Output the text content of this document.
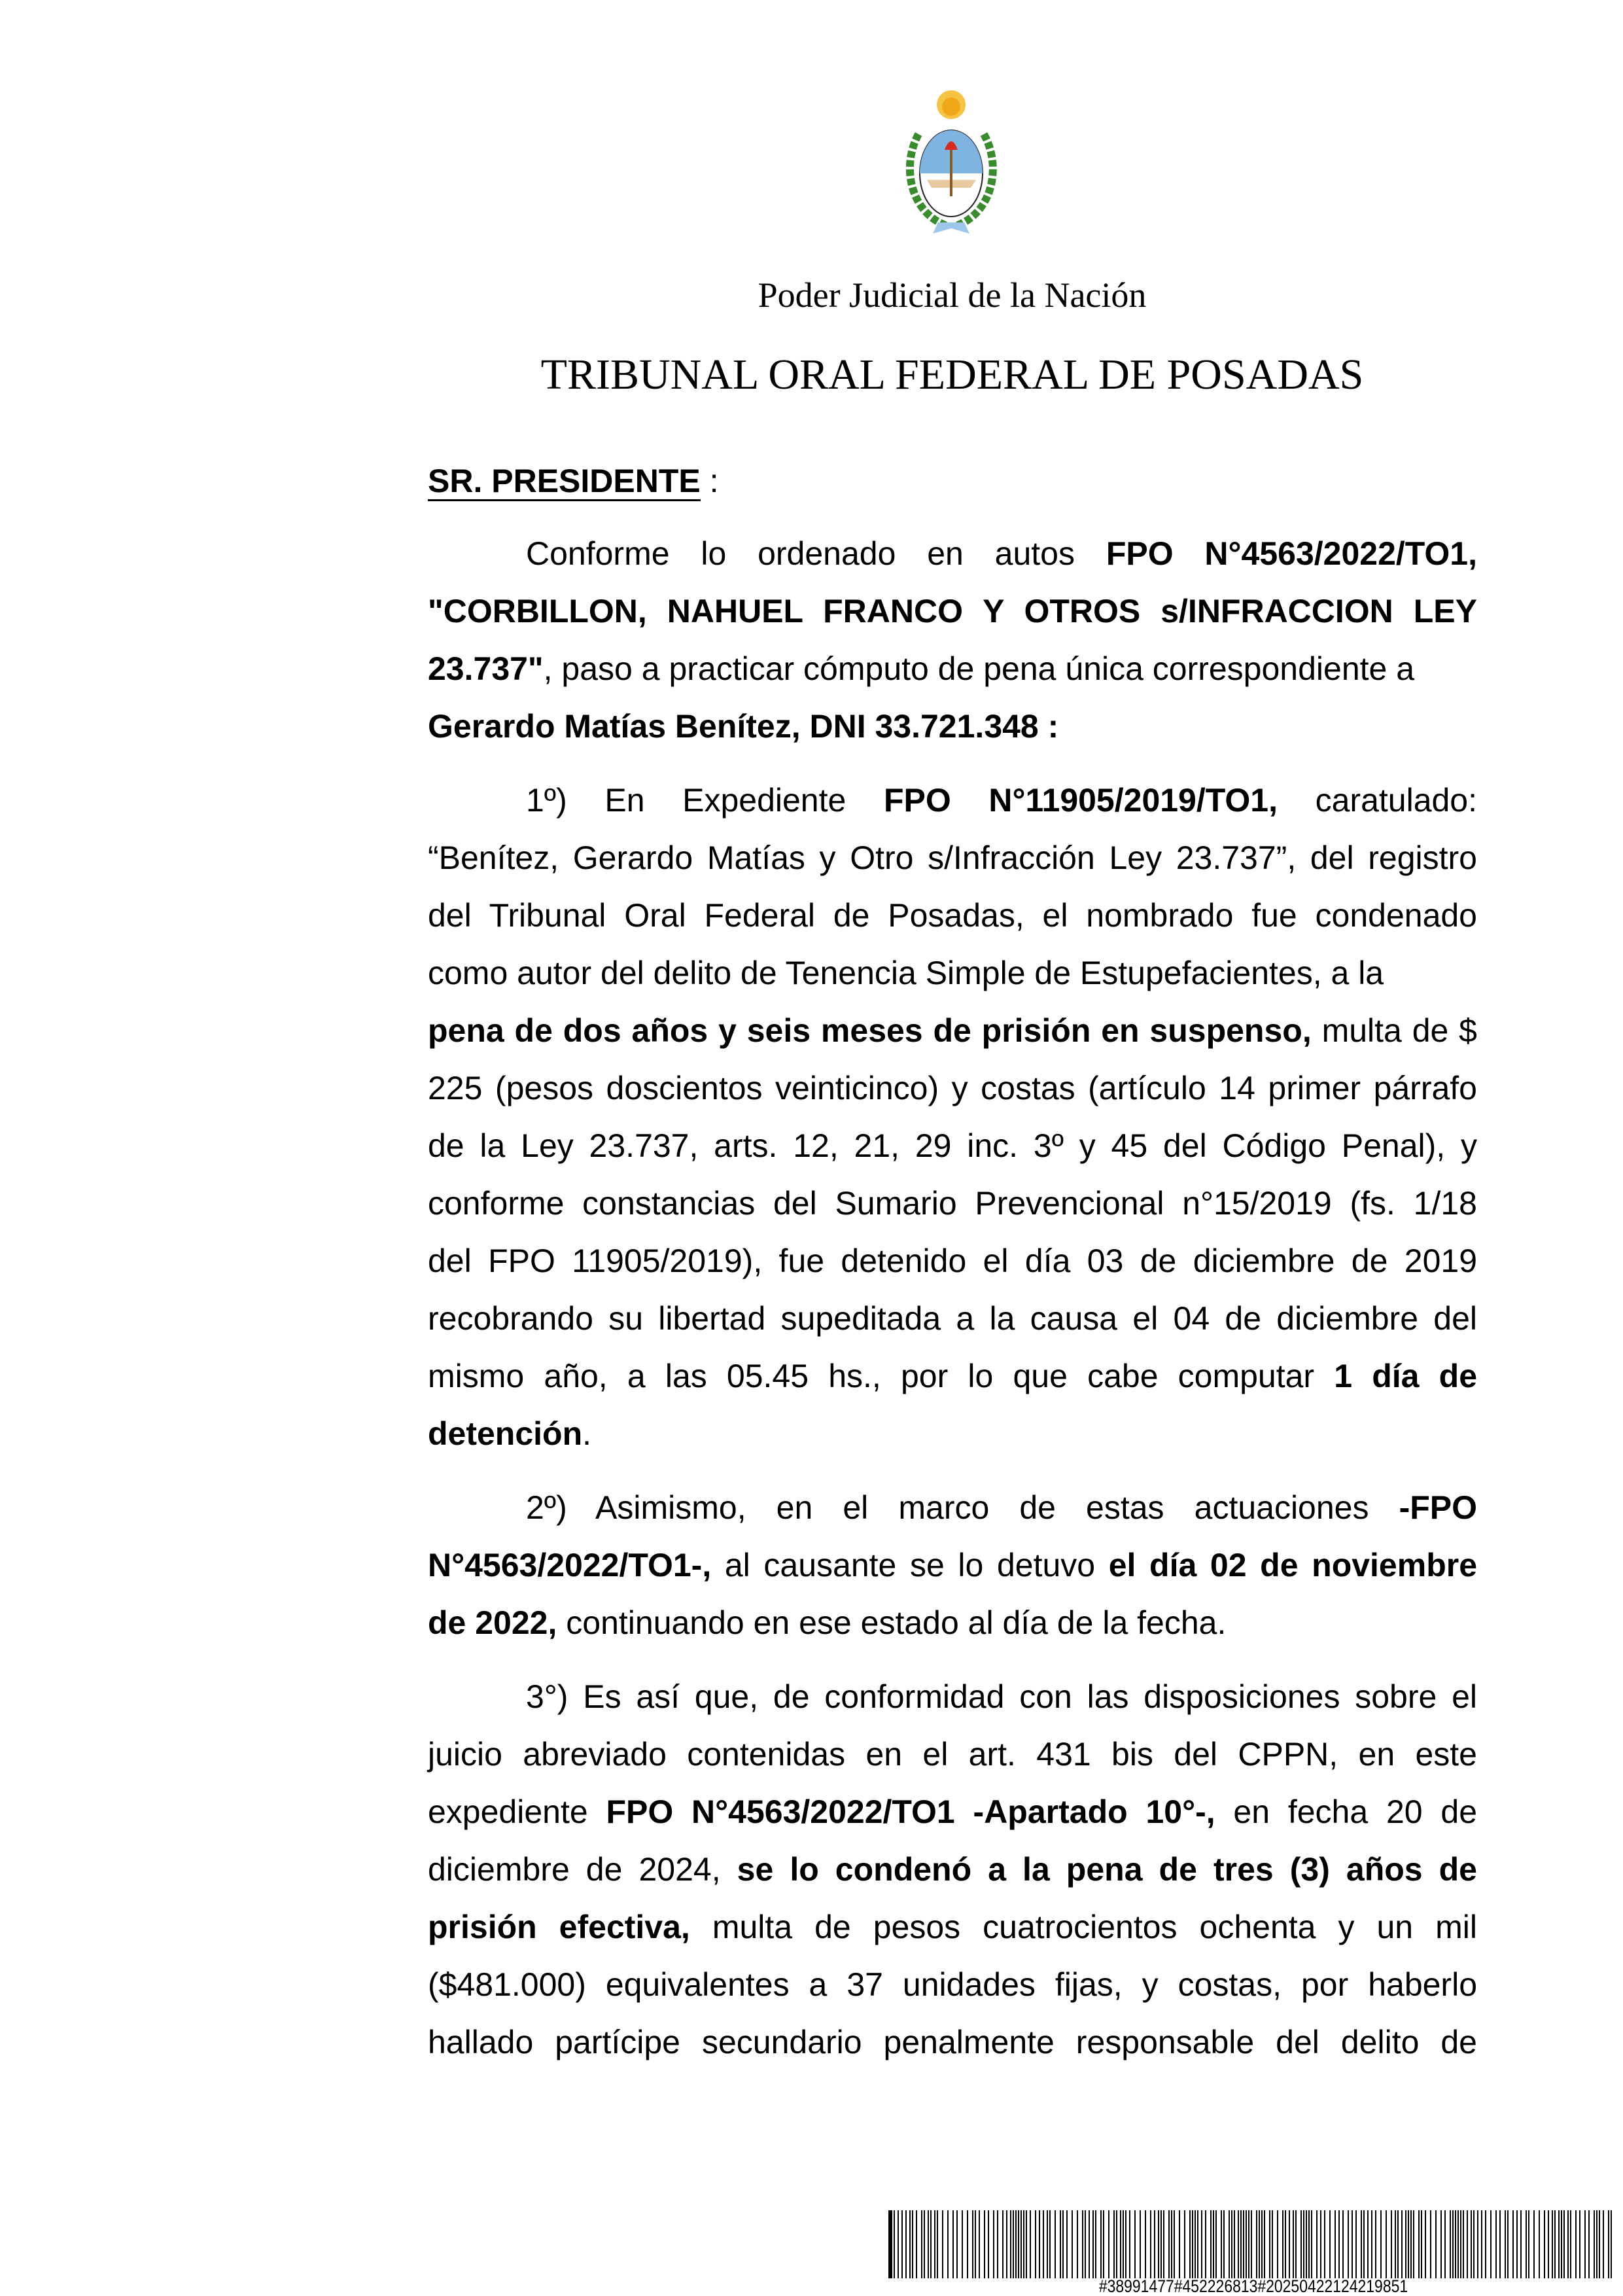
Poder Judicial de la Nación
TRIBUNAL ORAL FEDERAL DE POSADAS
SR. PRESIDENTE :
Conforme lo ordenado en autos FPO N°4563/2022/TO1,
"CORBILLON, NAHUEL FRANCO Y OTROS s/INFRACCION LEY
23.737", paso a practicar cómputo de pena única correspondiente a
Gerardo Matías Benítez, DNI 33.721.348 :
1º) En Expediente FPO N°11905/2019/TO1, caratulado:
“Benítez, Gerardo Matías y Otro s/Infracción Ley 23.737”, del registro
del Tribunal Oral Federal de Posadas, el nombrado fue condenado
como autor del delito de Tenencia Simple de Estupefacientes, a la
pena de dos años y seis meses de prisión en suspenso, multa de $
225 (pesos doscientos veinticinco) y costas (artículo 14 primer párrafo
de la Ley 23.737, arts. 12, 21, 29 inc. 3º y 45 del Código Penal), y
conforme constancias del Sumario Prevencional n°15/2019 (fs. 1/18
del FPO 11905/2019), fue detenido el día 03 de diciembre de 2019
recobrando su libertad supeditada a la causa el 04 de diciembre del
mismo año, a las 05.45 hs., por lo que cabe computar 1 día de
detención.
2º) Asimismo, en el marco de estas actuaciones -FPO
N°4563/2022/TO1-, al causante se lo detuvo el día 02 de noviembre
de 2022, continuando en ese estado al día de la fecha.
3°) Es así que, de conformidad con las disposiciones sobre el
juicio abreviado contenidas en el art. 431 bis del CPPN, en este
expediente FPO N°4563/2022/TO1 -Apartado 10°-, en fecha 20 de
diciembre de 2024, se lo condenó a la pena de tres (3) años de
prisión efectiva, multa de pesos cuatrocientos ochenta y un mil
($481.000) equivalentes a 37 unidades fijas, y costas, por haberlo
hallado partícipe secundario penalmente responsable del delito de
#38991477#452226813#20250422124219851
